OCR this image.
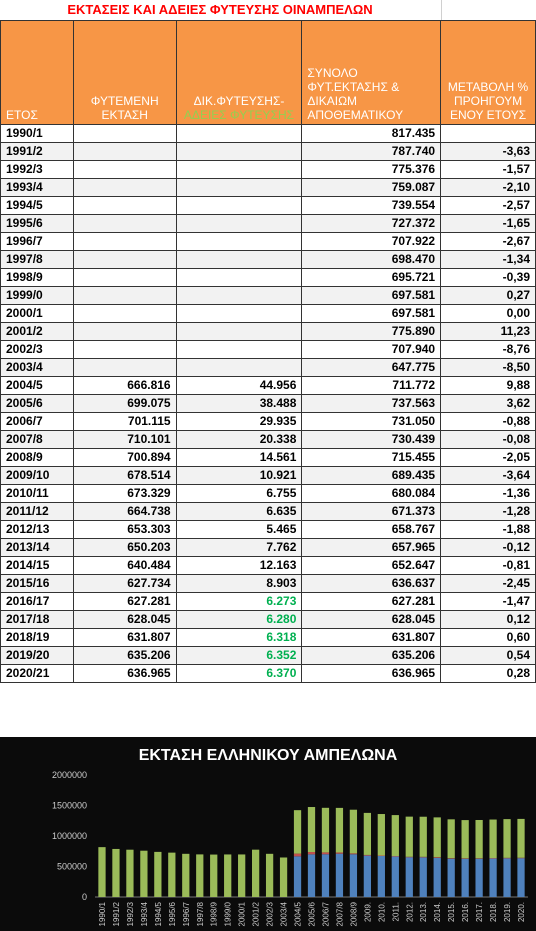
ΕΚΤΑΣΕΙΣ ΚΑΙ ΑΔΕΙΕΣ ΦΥΤΕΥΣΗΣ ΟΙΝΑΜΠΕΛΩΝ
ΕΤΟΣ	ΦΥΤΕΜΕΝΗ ΕΚΤΑΣΗ	ΔΙΚ.ΦΥΤΕΥΣΗΣ-
ΑΔΕΙΕΣ ΦΥΤΕΥΣΗΣ	ΣΥΝΟΛΟ ΦΥΤ.ΕΚΤΑΣΗΣ & ΔΙΚΑΙΩΜ ΑΠΟΘΕΜΑΤΙΚΟΥ	ΜΕΤΑΒΟΛΗ % ΠΡΟΗΓΟΥΜ ΕΝΟΥ ΕΤΟΥΣ
1990/1			817.435	
1991/2			787.740	-3,63
1992/3			775.376	-1,57
1993/4			759.087	-2,10
1994/5			739.554	-2,57
1995/6			727.372	-1,65
1996/7			707.922	-2,67
1997/8			698.470	-1,34
1998/9			695.721	-0,39
1999/0			697.581	0,27
2000/1			697.581	0,00
2001/2			775.890	11,23
2002/3			707.940	-8,76
2003/4			647.775	-8,50
2004/5	666.816	44.956	711.772	9,88
2005/6	699.075	38.488	737.563	3,62
2006/7	701.115	29.935	731.050	-0,88
2007/8	710.101	20.338	730.439	-0,08
2008/9	700.894	14.561	715.455	-2,05
2009/10	678.514	10.921	689.435	-3,64
2010/11	673.329	6.755	680.084	-1,36
2011/12	664.738	6.635	671.373	-1,28
2012/13	653.303	5.465	658.767	-1,88
2013/14	650.203	7.762	657.965	-0,12
2014/15	640.484	12.163	652.647	-0,81
2015/16	627.734	8.903	636.637	-2,45
2016/17	627.281	6.273	627.281	-1,47
2017/18	628.045	6.280	628.045	0,12
2018/19	631.807	6.318	631.807	0,60
2019/20	635.206	6.352	635.206	0,54
2020/21	636.965	6.370	636.965	0,28
ΕΚΤΑΣΗ ΕΛΛΗΝΙΚΟΥ ΑΜΠΕΛΩΝΑ
2000000
1500000
1000000
500000
0
1990/1 1991/2 1992/3 1993/4 1994/5 1995/6 1996/7 1997/8 1998/9 1999/0 2000/1 2001/2 2002/3 2003/4 2004/5 2005/6 2006/7 2007/8 2008/9 2009. 2010. 2011. 2012. 2013. 2014. 2015. 2016. 2017. 2018. 2019. 2020.
